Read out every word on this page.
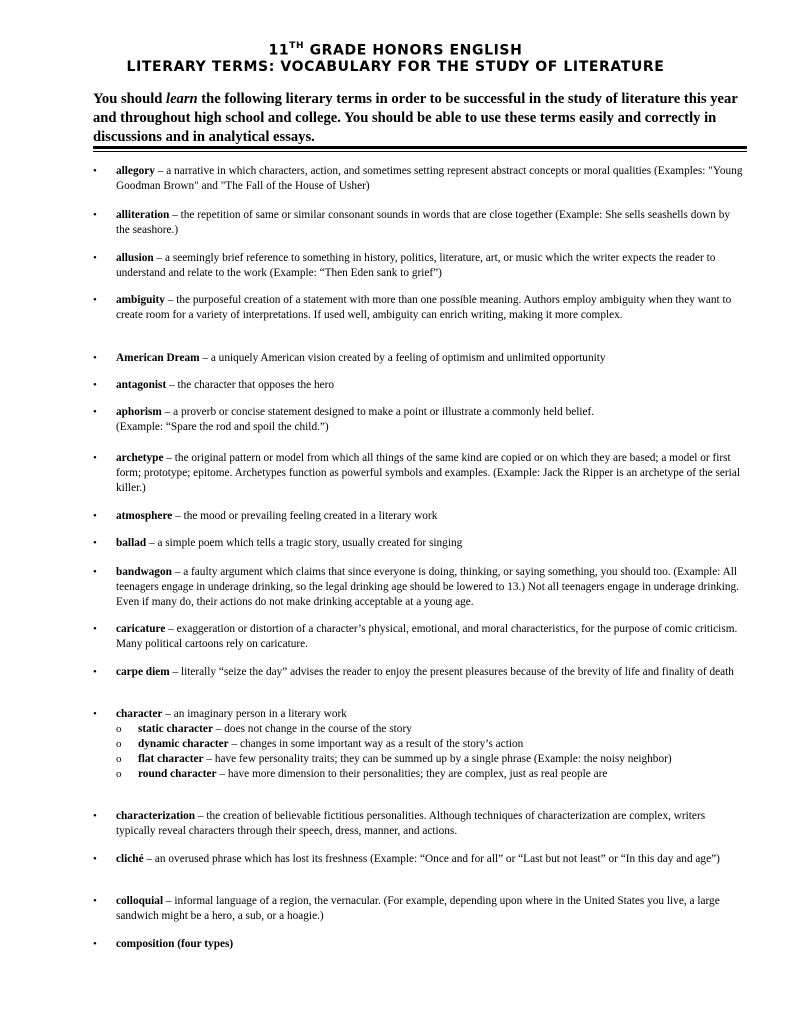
11TH GRADE HONORS ENGLISH
LITERARY TERMS: VOCABULARY FOR THE STUDY OF LITERATURE
You should learn the following literary terms in order to be successful in the study of literature this year and throughout high school and college. You should be able to use these terms easily and correctly in discussions and in analytical essays.
• allegory – a narrative in which characters, action, and sometimes setting represent abstract concepts or moral qualities (Examples: "Young Goodman Brown" and "The Fall of the House of Usher)
• alliteration – the repetition of same or similar consonant sounds in words that are close together (Example: She sells seashells down by the seashore.)
• allusion – a seemingly brief reference to something in history, politics, literature, art, or music which the writer expects the reader to understand and relate to the work (Example: “Then Eden sank to grief”)
• ambiguity – the purposeful creation of a statement with more than one possible meaning. Authors employ ambiguity when they want to create room for a variety of interpretations. If used well, ambiguity can enrich writing, making it more complex.
• American Dream – a uniquely American vision created by a feeling of optimism and unlimited opportunity
• antagonist – the character that opposes the hero
• aphorism – a proverb or concise statement designed to make a point or illustrate a commonly held belief.
(Example: “Spare the rod and spoil the child.”)
• archetype – the original pattern or model from which all things of the same kind are copied or on which they are based; a model or first form; prototype; epitome. Archetypes function as powerful symbols and examples. (Example: Jack the Ripper is an archetype of the serial killer.)
• atmosphere – the mood or prevailing feeling created in a literary work
• ballad – a simple poem which tells a tragic story, usually created for singing
• bandwagon – a faulty argument which claims that since everyone is doing, thinking, or saying something, you should too. (Example: All teenagers engage in underage drinking, so the legal drinking age should be lowered to 13.) Not all teenagers engage in underage drinking. Even if many do, their actions do not make drinking acceptable at a young age.
• caricature – exaggeration or distortion of a character’s physical, emotional, and moral characteristics, for the purpose of comic criticism. Many political cartoons rely on caricature.
• carpe diem – literally “seize the day” advises the reader to enjoy the present pleasures because of the brevity of life and finality of death
• character – an imaginary person in a literary work
o static character – does not change in the course of the story
o dynamic character – changes in some important way as a result of the story’s action
o flat character – have few personality traits; they can be summed up by a single phrase (Example: the noisy neighbor)
o round character – have more dimension to their personalities; they are complex, just as real people are
• characterization – the creation of believable fictitious personalities. Although techniques of characterization are complex, writers typically reveal characters through their speech, dress, manner, and actions.
• cliché – an overused phrase which has lost its freshness (Example: “Once and for all” or “Last but not least” or “In this day and age”)
• colloquial – informal language of a region, the vernacular. (For example, depending upon where in the United States you live, a large sandwich might be a hero, a sub, or a hoagie.)
• composition (four types)
